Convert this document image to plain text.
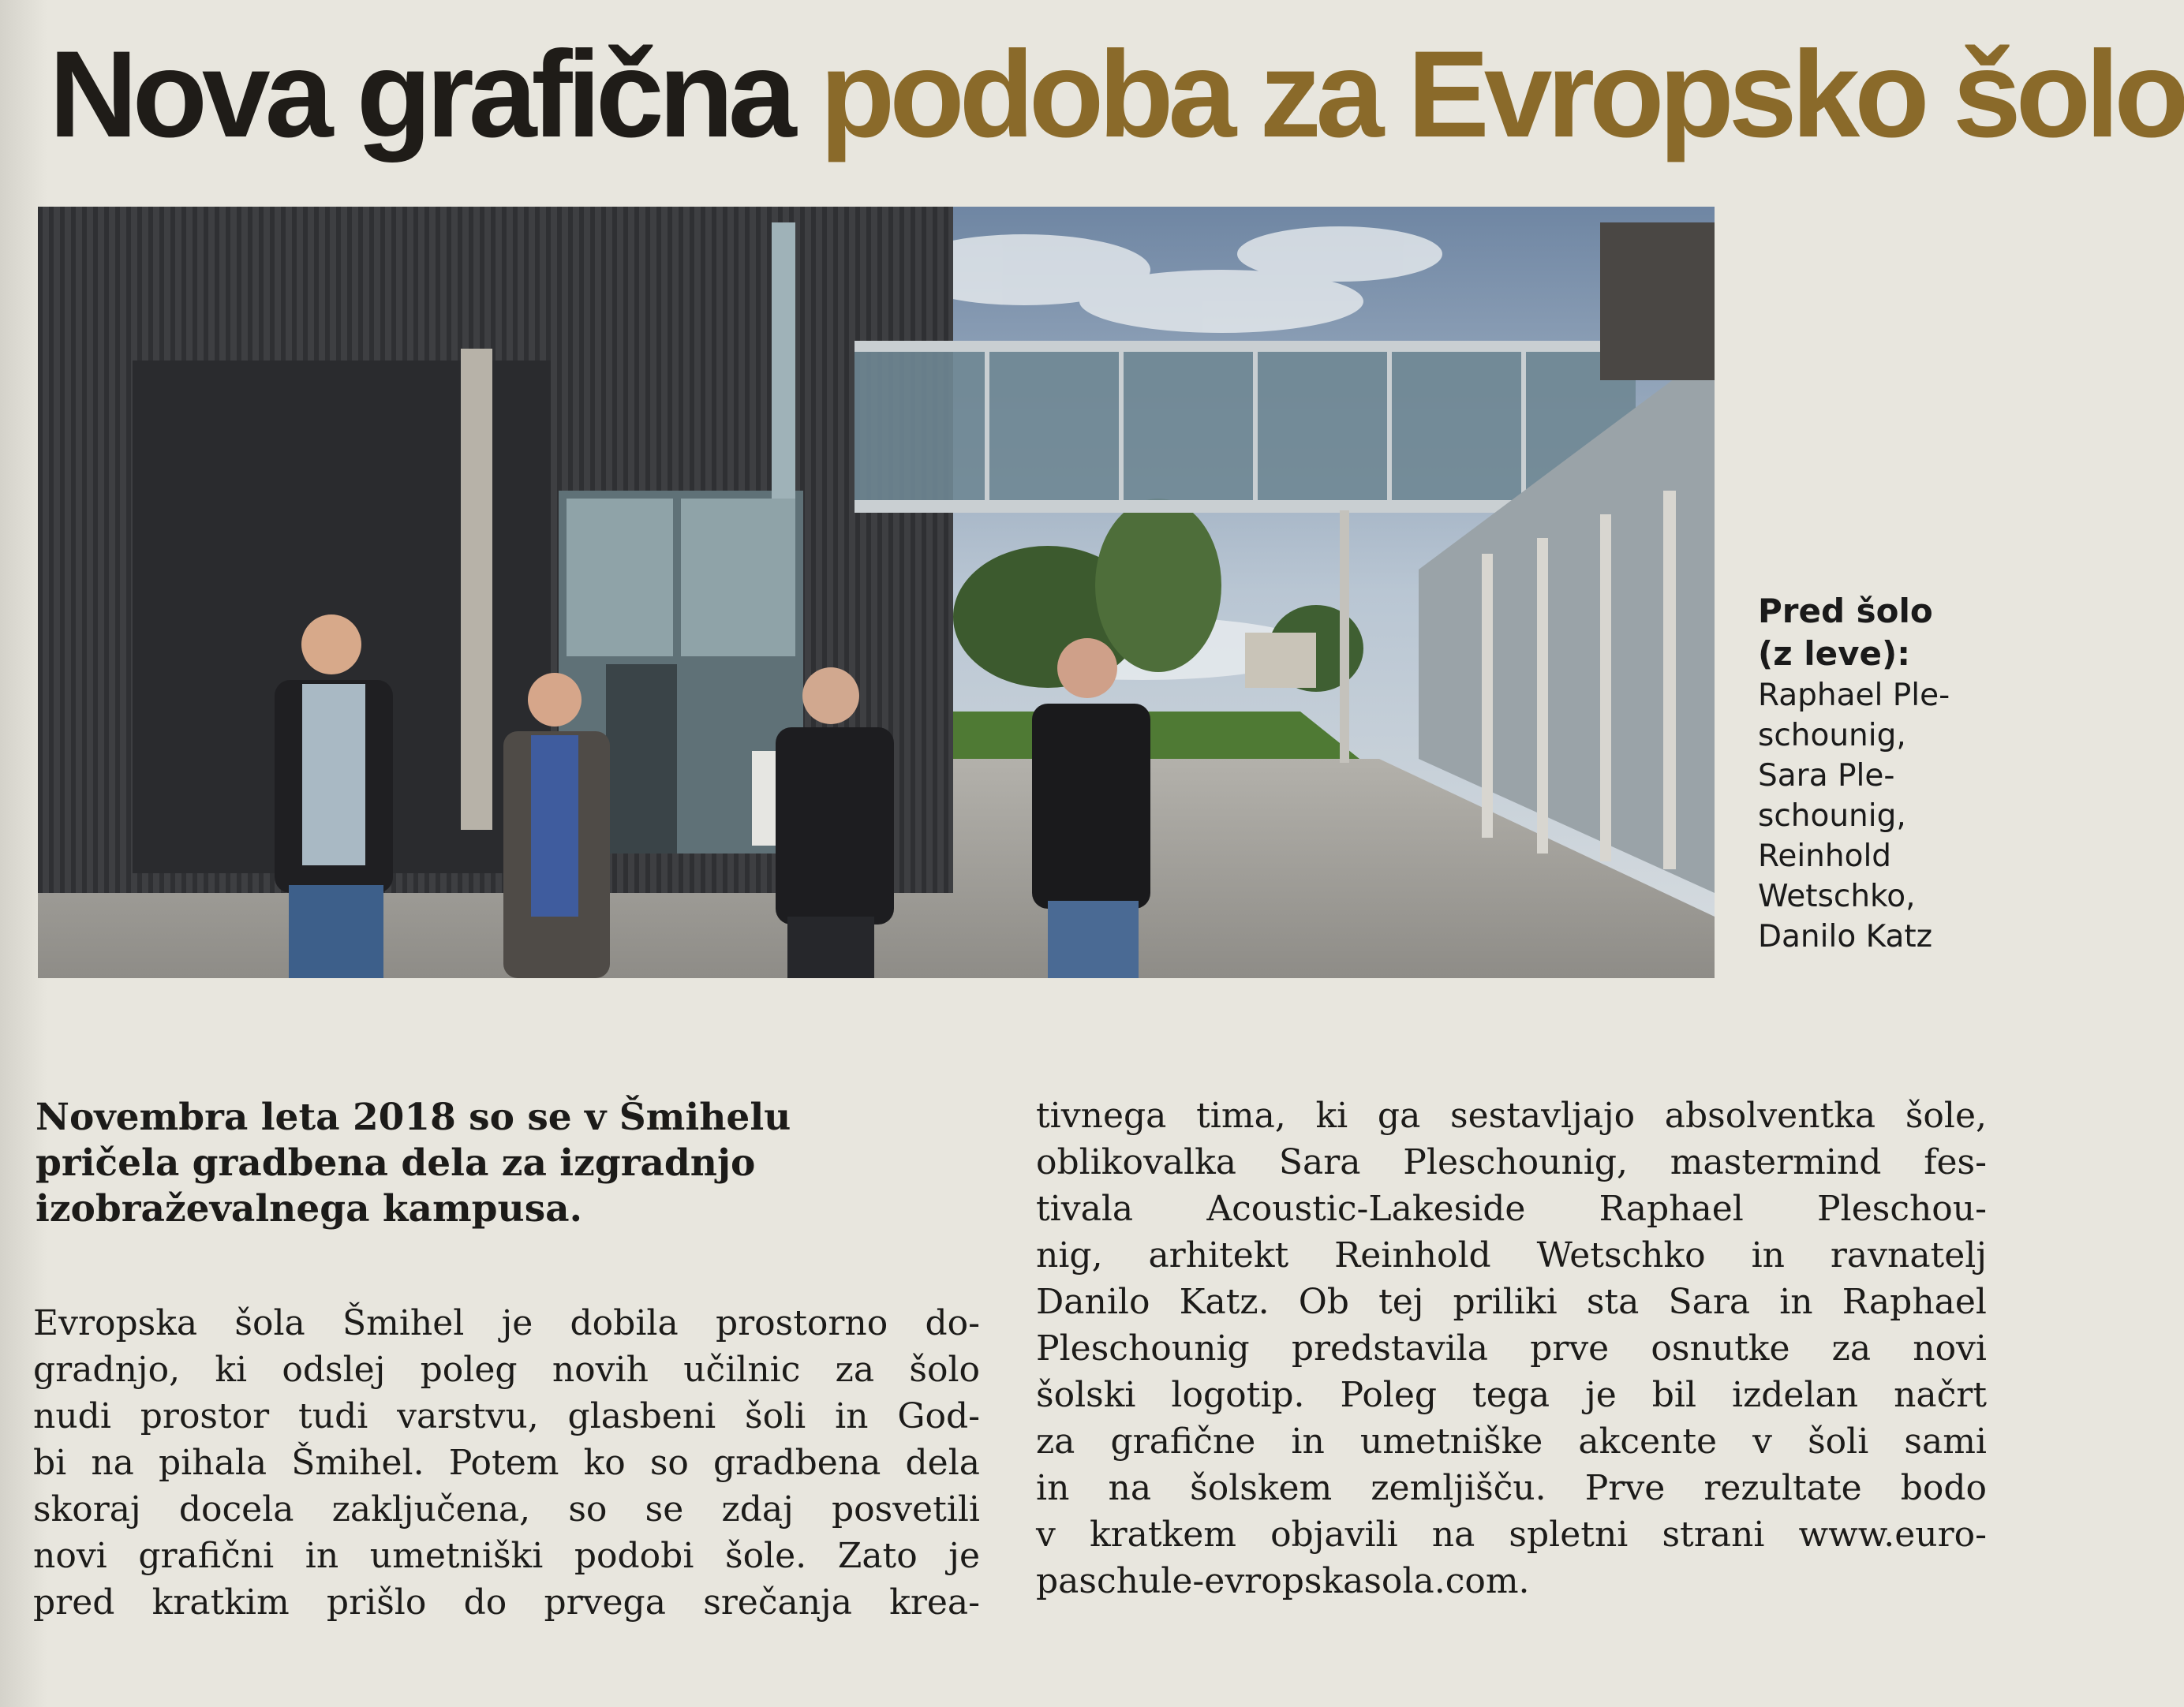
Nova grafična podoba za Evropsko šolo
Pred šolo
(z leve):
Raphael Ple-
schounig,
Sara Ple-
schounig,
Reinhold
Wetschko,
Danilo Katz
Novembra leta 2018 so se v Šmihelu
pričela gradbena dela za izgradnjo
izobraževalnega kampusa.
Evropska šola Šmihel je dobila prostorno do-
gradnjo, ki odslej poleg novih učilnic za šolo
nudi prostor tudi varstvu, glasbeni šoli in God-
bi na pihala Šmihel. Potem ko so gradbena dela
skoraj docela zaključena, so se zdaj posvetili
novi grafični in umetniški podobi šole. Zato je
pred kratkim prišlo do prvega srečanja krea-
tivnega tima, ki ga sestavljajo absolventka šole,
oblikovalka Sara Pleschounig, mastermind fes-
tivala Acoustic-Lakeside Raphael Pleschou-
nig, arhitekt Reinhold Wetschko in ravnatelj
Danilo Katz. Ob tej priliki sta Sara in Raphael
Pleschounig predstavila prve osnutke za novi
šolski logotip. Poleg tega je bil izdelan načrt
za grafične in umetniške akcente v šoli sami
in na šolskem zemljišču. Prve rezultate bodo
v kratkem objavili na spletni strani www.euro-
paschule-evropskasola.com.
